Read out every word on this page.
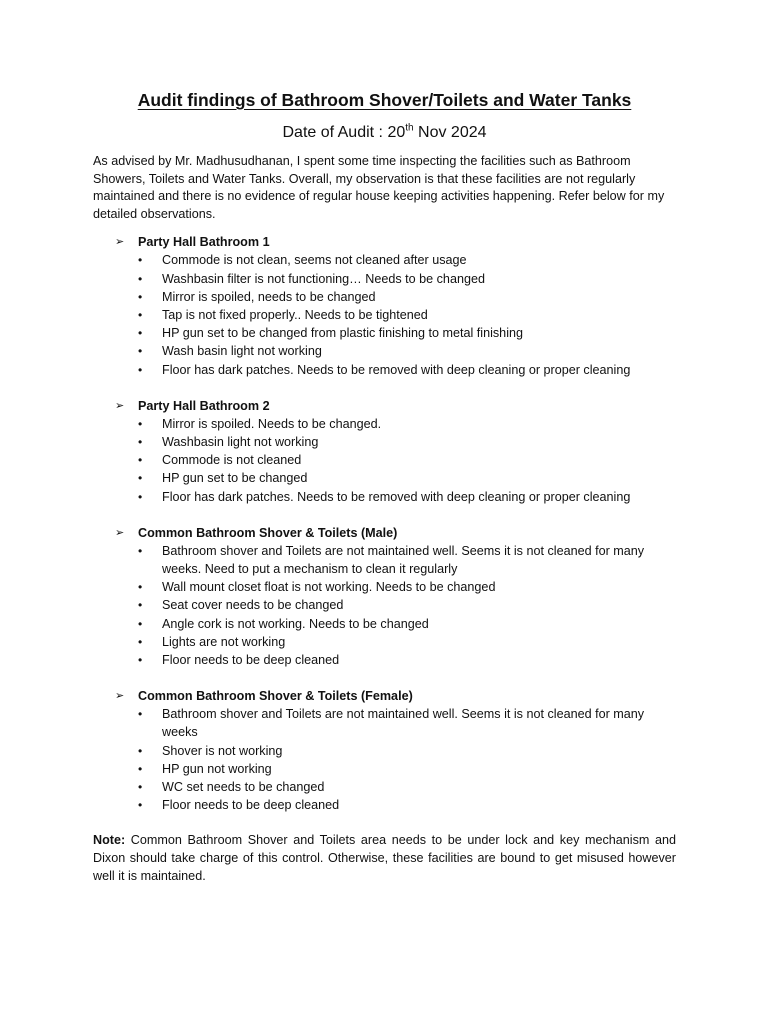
Audit findings of Bathroom Shover/Toilets and Water Tanks
Date of Audit : 20th Nov 2024

As advised by Mr. Madhusudhanan, I spent some time inspecting the facilities such as Bathroom Showers, Toilets and Water Tanks. Overall, my observation is that these facilities are not regularly maintained and there is no evidence of regular house keeping activities happening. Refer below for my detailed observations.

➢	Party Hall Bathroom 1
•	Commode is not clean, seems not cleaned after usage
•	Washbasin filter is not functioning… Needs to be changed
•	Mirror is spoiled, needs to be changed
•	Tap is not fixed properly.. Needs to be tightened
•	HP gun set to be changed from plastic finishing to metal finishing
•	Wash basin light not working
•	Floor has dark patches. Needs to be removed with deep cleaning or proper cleaning
➢	Party Hall Bathroom 2
•	Mirror is spoiled. Needs to be changed.
•	Washbasin light not working
•	Commode is not cleaned
•	HP gun set to be changed
•	Floor has dark patches. Needs to be removed with deep cleaning or proper cleaning
➢	Common Bathroom Shover & Toilets (Male)
•	Bathroom shover and Toilets are not maintained well. Seems it is not cleaned for many weeks. Need to put a mechanism to clean it regularly
•	Wall mount closet float is not working. Needs to be changed
•	Seat cover needs to be changed
•	Angle cork is not working. Needs to be changed
•	Lights are not working
•	Floor needs to be deep cleaned
➢	Common Bathroom Shover & Toilets (Female)
•	Bathroom shover and Toilets are not maintained well. Seems it is not cleaned for many weeks
•	Shover is not working
•	HP gun not working
•	WC set needs to be changed
•	Floor needs to be deep cleaned
Note: Common Bathroom Shover and Toilets area needs to be under lock and key mechanism and Dixon should take charge of this control. Otherwise, these facilities are bound to get misused however well it is maintained.
